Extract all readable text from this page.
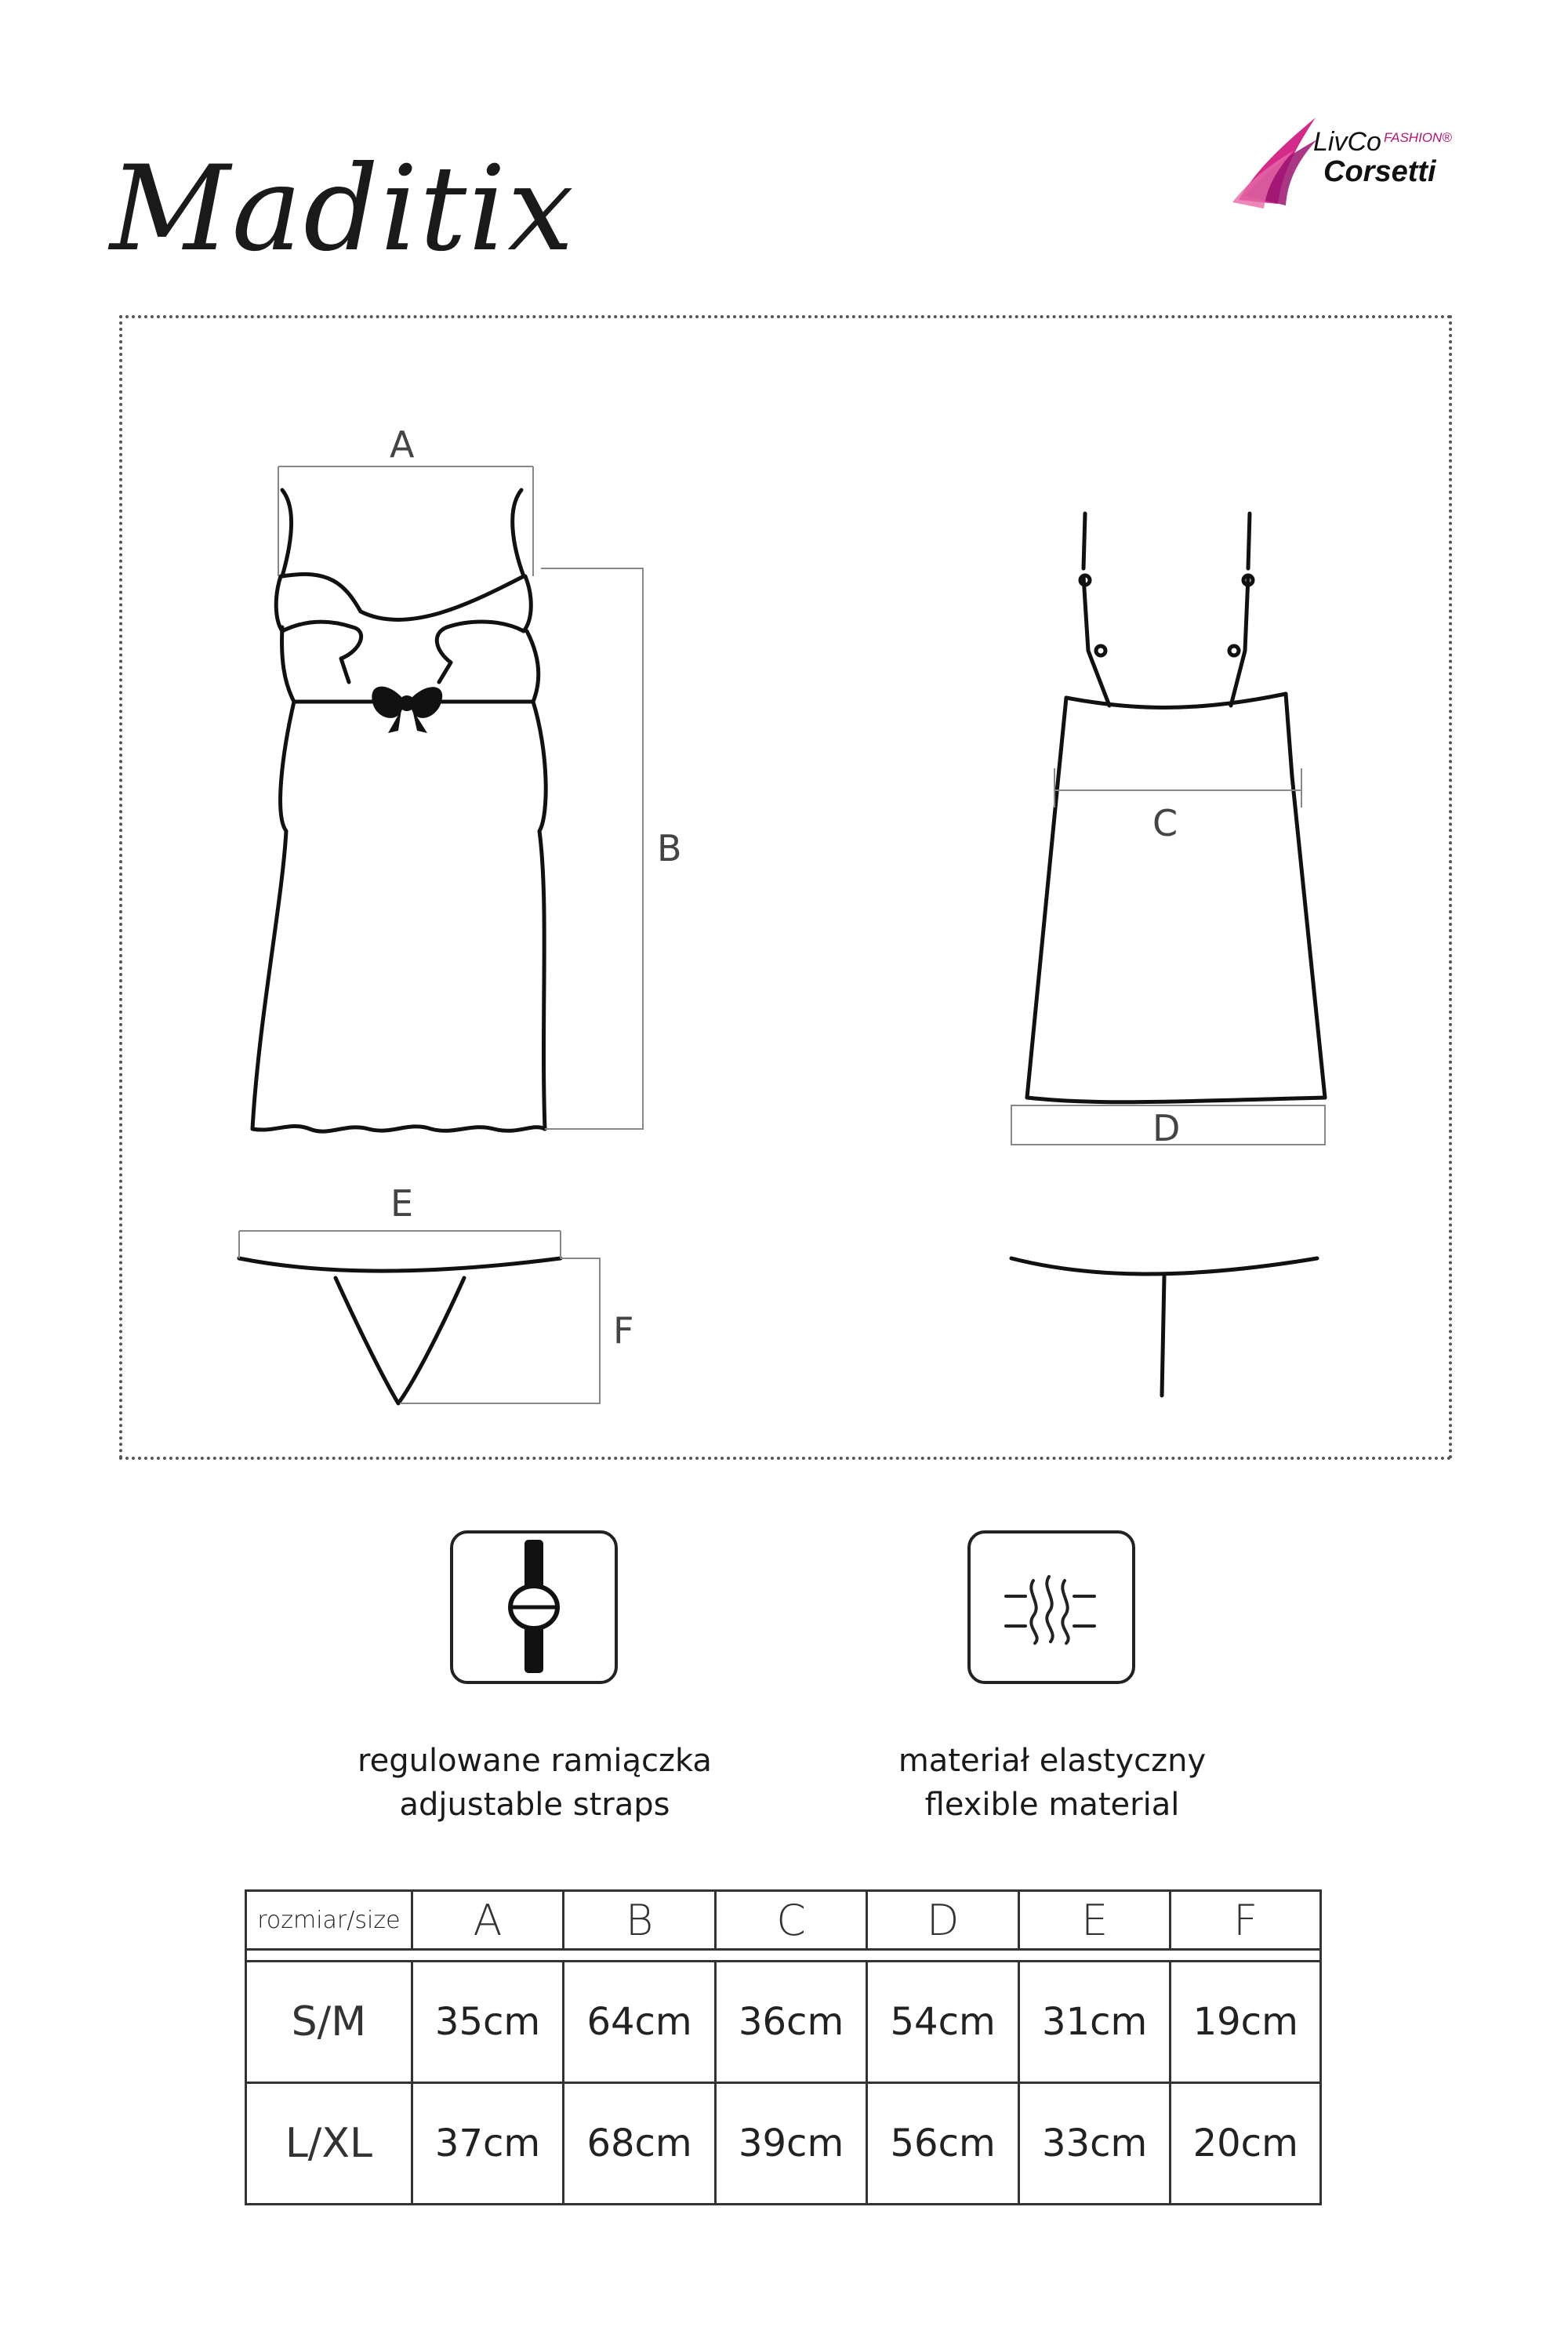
Maditix	LivCo FASHION®
Corsetti
A
B
C
D
E
F
regulowane ramiączka
adjustable straps
materiał elastyczny
flexible material
rozmiar/size	A	B	C	D	E	F

S/M	35cm	64cm	36cm	54cm	31cm	19cm
L/XL	37cm	68cm	39cm	56cm	33cm	20cm
